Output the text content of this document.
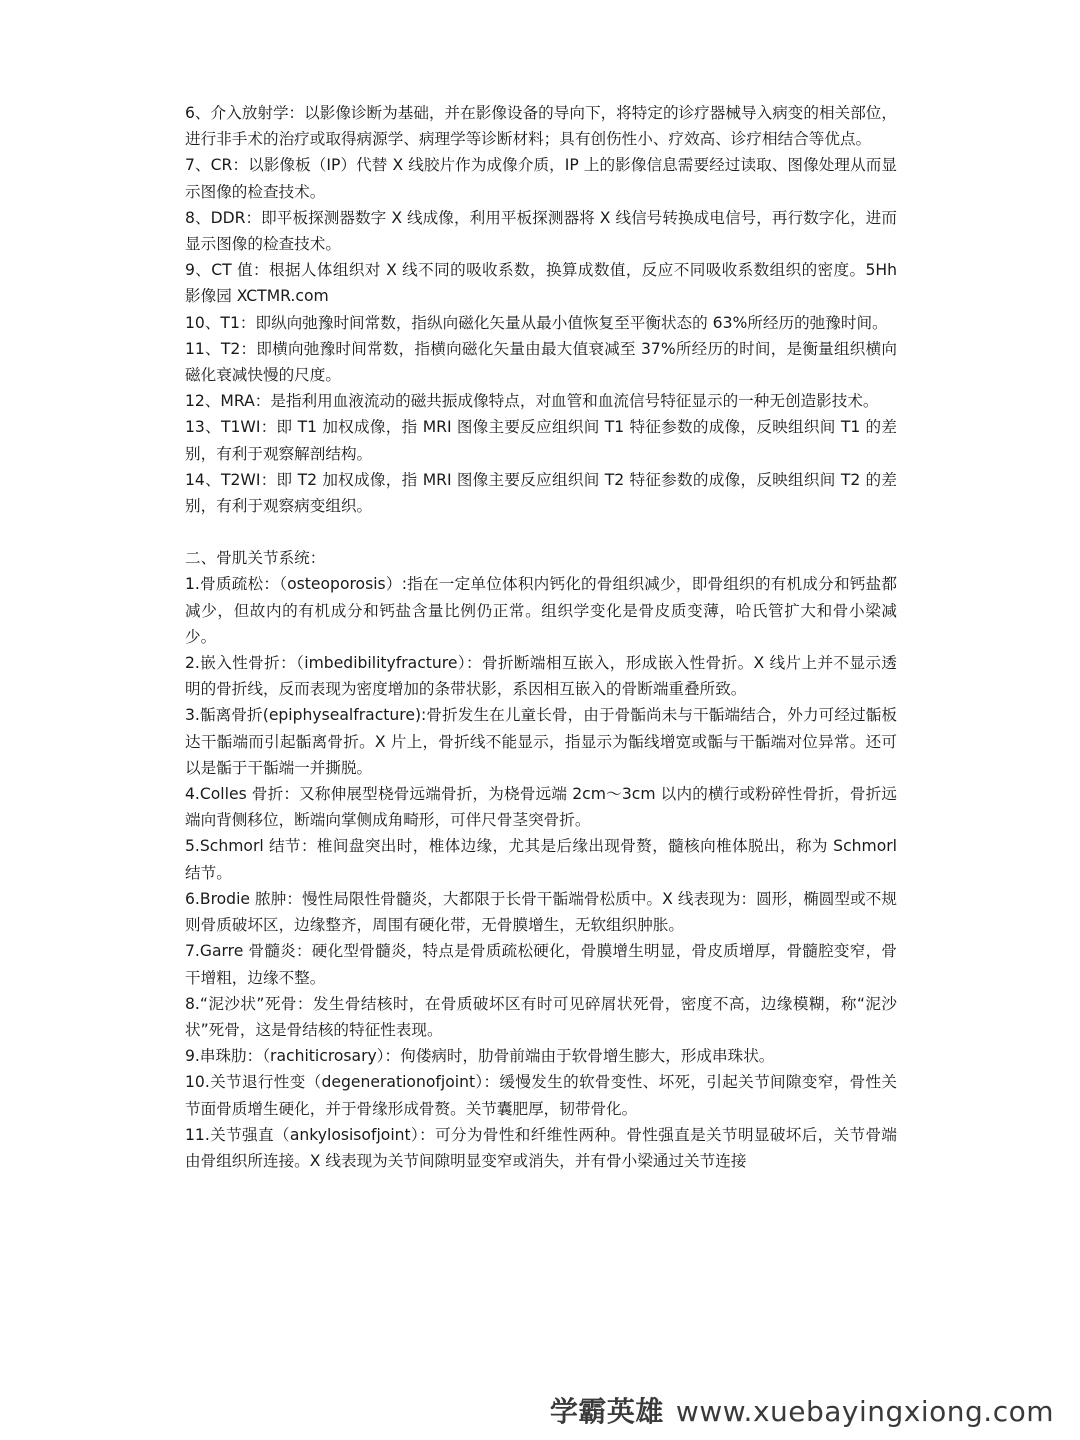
6、介入放射学：以影像诊断为基础，并在影像设备的导向下，将特定的诊疗器械导入病变的相关部位，进行非手术的治疗或取得病源学、病理学等诊断材料；具有创伤性小、疗效高、诊疗相结合等优点。

7、CR：以影像板（IP）代替 X 线胶片作为成像介质，IP 上的影像信息需要经过读取、图像处理从而显示图像的检查技术。

8、DDR：即平板探测器数字 X 线成像，利用平板探测器将 X 线信号转换成电信号，再行数字化，进而显示图像的检查技术。

9、CT 值：根据人体组织对 X 线不同的吸收系数，换算成数值，反应不同吸收系数组织的密度。5Hh 影像园 XCTMR.com

10、T1：即纵向弛豫时间常数，指纵向磁化矢量从最小值恢复至平衡状态的 63%所经历的弛豫时间。

11、T2：即横向弛豫时间常数，指横向磁化矢量由最大值衰减至 37%所经历的时间，是衡量组织横向磁化衰减快慢的尺度。

12、MRA：是指利用血液流动的磁共振成像特点，对血管和血流信号特征显示的一种无创造影技术。

13、T1WI：即 T1 加权成像，指 MRI 图像主要反应组织间 T1 特征参数的成像，反映组织间 T1 的差别，有利于观察解剖结构。

14、T2WI：即 T2 加权成像，指 MRI 图像主要反应组织间 T2 特征参数的成像，反映组织间 T2 的差别，有利于观察病变组织。

二、骨肌关节系统：

1.骨质疏松：（osteoporosis）:指在一定单位体积内钙化的骨组织减少，即骨组织的有机成分和钙盐都减少，但故内的有机成分和钙盐含量比例仍正常。组织学变化是骨皮质变薄，哈氏管扩大和骨小梁减少。

2.嵌入性骨折：（imbedibilityfracture）：骨折断端相互嵌入，形成嵌入性骨折。X 线片上并不显示透明的骨折线，反而表现为密度增加的条带状影，系因相互嵌入的骨断端重叠所致。

3.骺离骨折(epiphysealfracture):骨折发生在儿童长骨，由于骨骺尚未与干骺端结合，外力可经过骺板达干骺端而引起骺离骨折。X 片上，骨折线不能显示，指显示为骺线增宽或骺与干骺端对位异常。还可以是骺于干骺端一并撕脱。

4.Colles 骨折：又称伸展型桡骨远端骨折，为桡骨远端 2cm～3cm 以内的横行或粉碎性骨折，骨折远端向背侧移位，断端向掌侧成角畸形，可伴尺骨茎突骨折。

5.Schmorl 结节：椎间盘突出时，椎体边缘，尤其是后缘出现骨赘，髓核向椎体脱出，称为 Schmorl 结节。

6.Brodie 脓肿：慢性局限性骨髓炎，大都限于长骨干骺端骨松质中。X 线表现为：圆形，椭圆型或不规则骨质破坏区，边缘整齐，周围有硬化带，无骨膜增生，无软组织肿胀。

7.Garre 骨髓炎：硬化型骨髓炎，特点是骨质疏松硬化，骨膜增生明显，骨皮质增厚，骨髓腔变窄，骨干增粗，边缘不整。

8.“泥沙状”死骨：发生骨结核时，在骨质破坏区有时可见碎屑状死骨，密度不高，边缘模糊，称“泥沙状”死骨，这是骨结核的特征性表现。

9.串珠肋：（rachiticrosary）：佝偻病时，肋骨前端由于软骨增生膨大，形成串珠状。

10.关节退行性变（degenerationofjoint）：缓慢发生的软骨变性、坏死，引起关节间隙变窄，骨性关节面骨质增生硬化，并于骨缘形成骨赘。关节囊肥厚，韧带骨化。

11.关节强直（ankylosisofjoint）：可分为骨性和纤维性两种。骨性强直是关节明显破坏后，关节骨端由骨组织所连接。X 线表现为关节间隙明显变窄或消失，并有骨小梁通过关节连接

学霸英雄 www.xuebayingxiong.com
